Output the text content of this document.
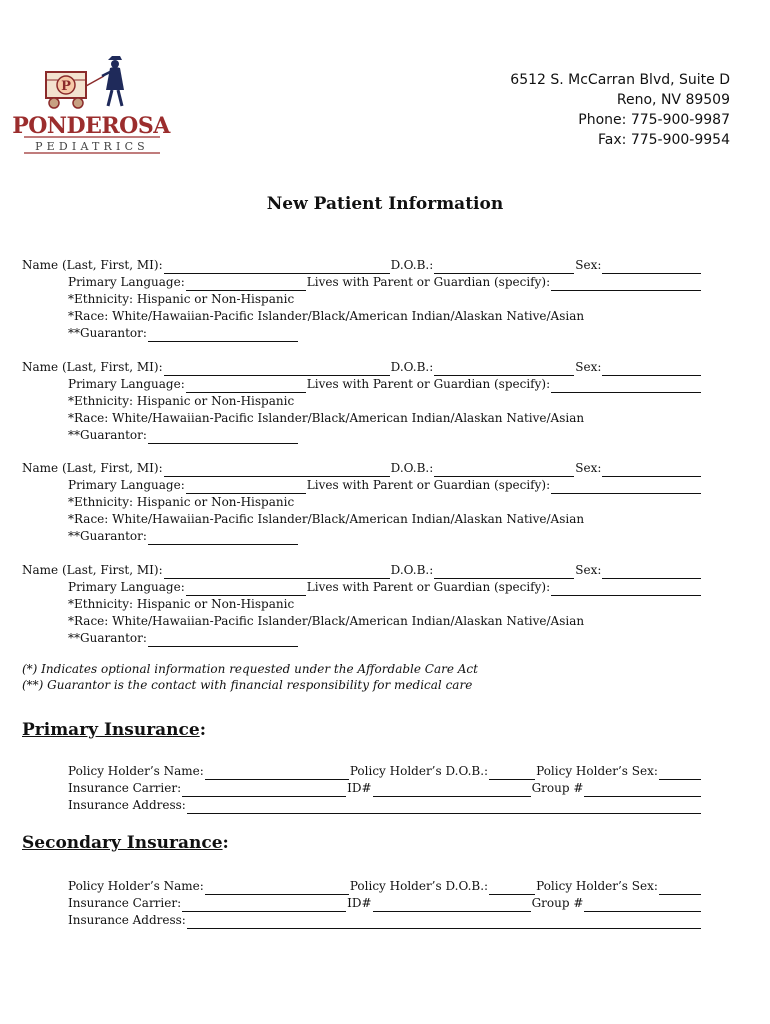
P
PONDEROSA
PEDIATRICS
6512 S. McCarran Blvd, Suite D
Reno, NV 89509
Phone: 775-900-9987
Fax: 775-900-9954
New Patient Information
Name (Last, First, MI):	D.O.B.:	Sex:
Primary Language:	Lives with Parent or Guardian (specify):
*Ethnicity: Hispanic or Non-Hispanic
*Race: White/Hawaiian-Pacific Islander/Black/American Indian/Alaskan Native/Asian
**Guarantor:
Name (Last, First, MI):	D.O.B.:	Sex:
Primary Language:	Lives with Parent or Guardian (specify):
*Ethnicity: Hispanic or Non-Hispanic
*Race: White/Hawaiian-Pacific Islander/Black/American Indian/Alaskan Native/Asian
**Guarantor:
Name (Last, First, MI):	D.O.B.:	Sex:
Primary Language:	Lives with Parent or Guardian (specify):
*Ethnicity: Hispanic or Non-Hispanic
*Race: White/Hawaiian-Pacific Islander/Black/American Indian/Alaskan Native/Asian
**Guarantor:
Name (Last, First, MI):	D.O.B.:	Sex:
Primary Language:	Lives with Parent or Guardian (specify):
*Ethnicity: Hispanic or Non-Hispanic
*Race: White/Hawaiian-Pacific Islander/Black/American Indian/Alaskan Native/Asian
**Guarantor:
(*) Indicates optional information requested under the Affordable Care Act
(**) Guarantor is the contact with financial responsibility for medical care
Primary Insurance:
Policy Holder’s Name:	Policy Holder’s D.O.B.:	Policy Holder’s Sex:
Insurance Carrier:	ID#	Group #
Insurance Address:
Secondary Insurance:
Policy Holder’s Name:	Policy Holder’s D.O.B.:	Policy Holder’s Sex:
Insurance Carrier:	ID#	Group #
Insurance Address:
